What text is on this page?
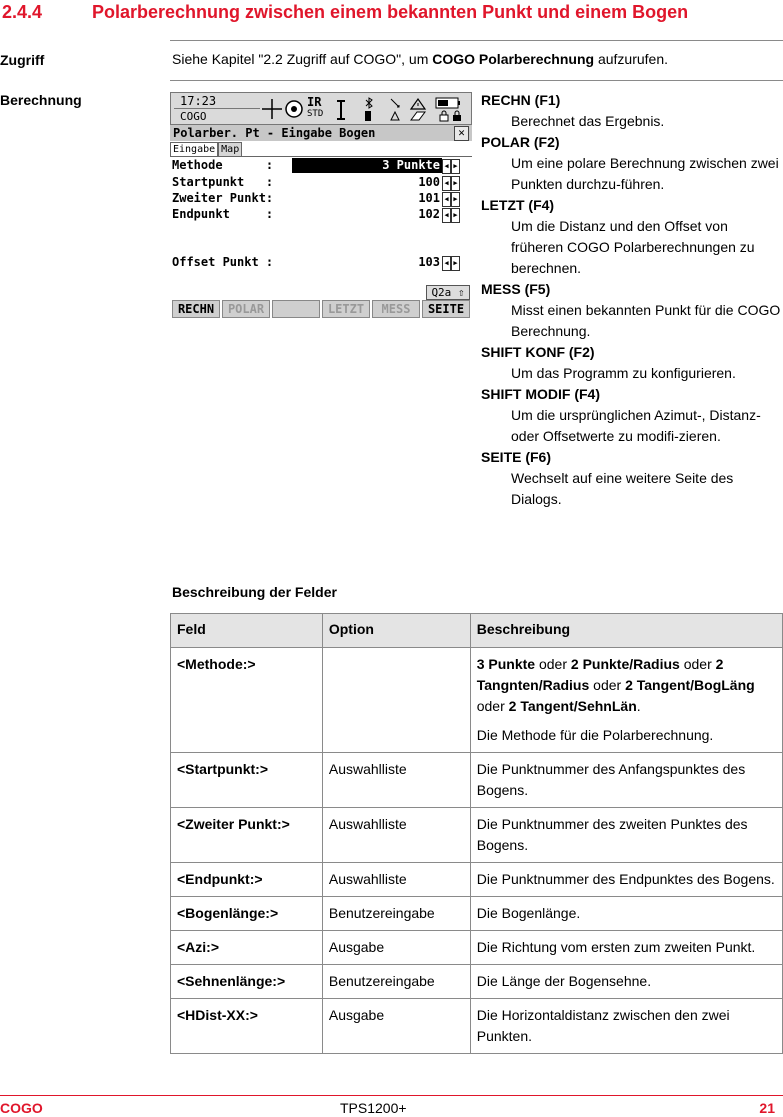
2.4.4	Polarberechnung zwischen einem bekannten Punkt und einem Bogen
Zugriff	Siehe Kapitel "2.2 Zugriff auf COGO", um COGO Polarberechnung aufzurufen.
Berechnung	17:23
COGO
IR
STD
Polarber. Pt - Eingabe Bogen	✕
Eingabe Map
Methode      :	3 Punkte ◀ ▶
Startpunkt   :	100 ◀ ▶
Zweiter Punkt:	101 ◀ ▶
Endpunkt     :	102 ◀ ▶
Offset Punkt :	103 ◀ ▶
Q2a ⇧
RECHN	POLAR	LETZT	MESS	SEITE
RECHN (F1)
Berechnet das Ergebnis.
POLAR (F2)
Um eine polare Berechnung zwischen zwei Punkten durchzu-führen.
LETZT (F4)
Um die Distanz und den Offset von früheren COGO Polarberechnungen zu berechnen.
MESS (F5)
Misst einen bekannten Punkt für die COGO Berechnung.
SHIFT KONF (F2)
Um das Programm zu konfigurieren.
SHIFT MODIF (F4)
Um die ursprünglichen Azimut-, Distanz- oder Offsetwerte zu modifi-zieren.
SEITE (F6)
Wechselt auf eine weitere Seite des Dialogs.
Beschreibung der Felder
Feld	Option	Beschreibung
<Methode:>		3 Punkte oder 2 Punkte/Radius oder 2 Tangnten/Radius oder 2 Tangent/BogLäng oder 2 Tangent/SehnLän.
Die Methode für die Polarberechnung.

<Startpunkt:>	Auswahlliste	Die Punktnummer des Anfangspunktes des Bogens.
<Zweiter Punkt:>	Auswahlliste	Die Punktnummer des zweiten Punktes des Bogens.
<Endpunkt:>	Auswahlliste	Die Punktnummer des Endpunktes des Bogens.
<Bogenlänge:>	Benutzereingabe	Die Bogenlänge.
<Azi:>	Ausgabe	Die Richtung vom ersten zum zweiten Punkt.
<Sehnenlänge:>	Benutzereingabe	Die Länge der Bogensehne.
<HDist-XX:>	Ausgabe	Die Horizontaldistanz zwischen den zwei Punkten.
COGO	TPS1200+	21
